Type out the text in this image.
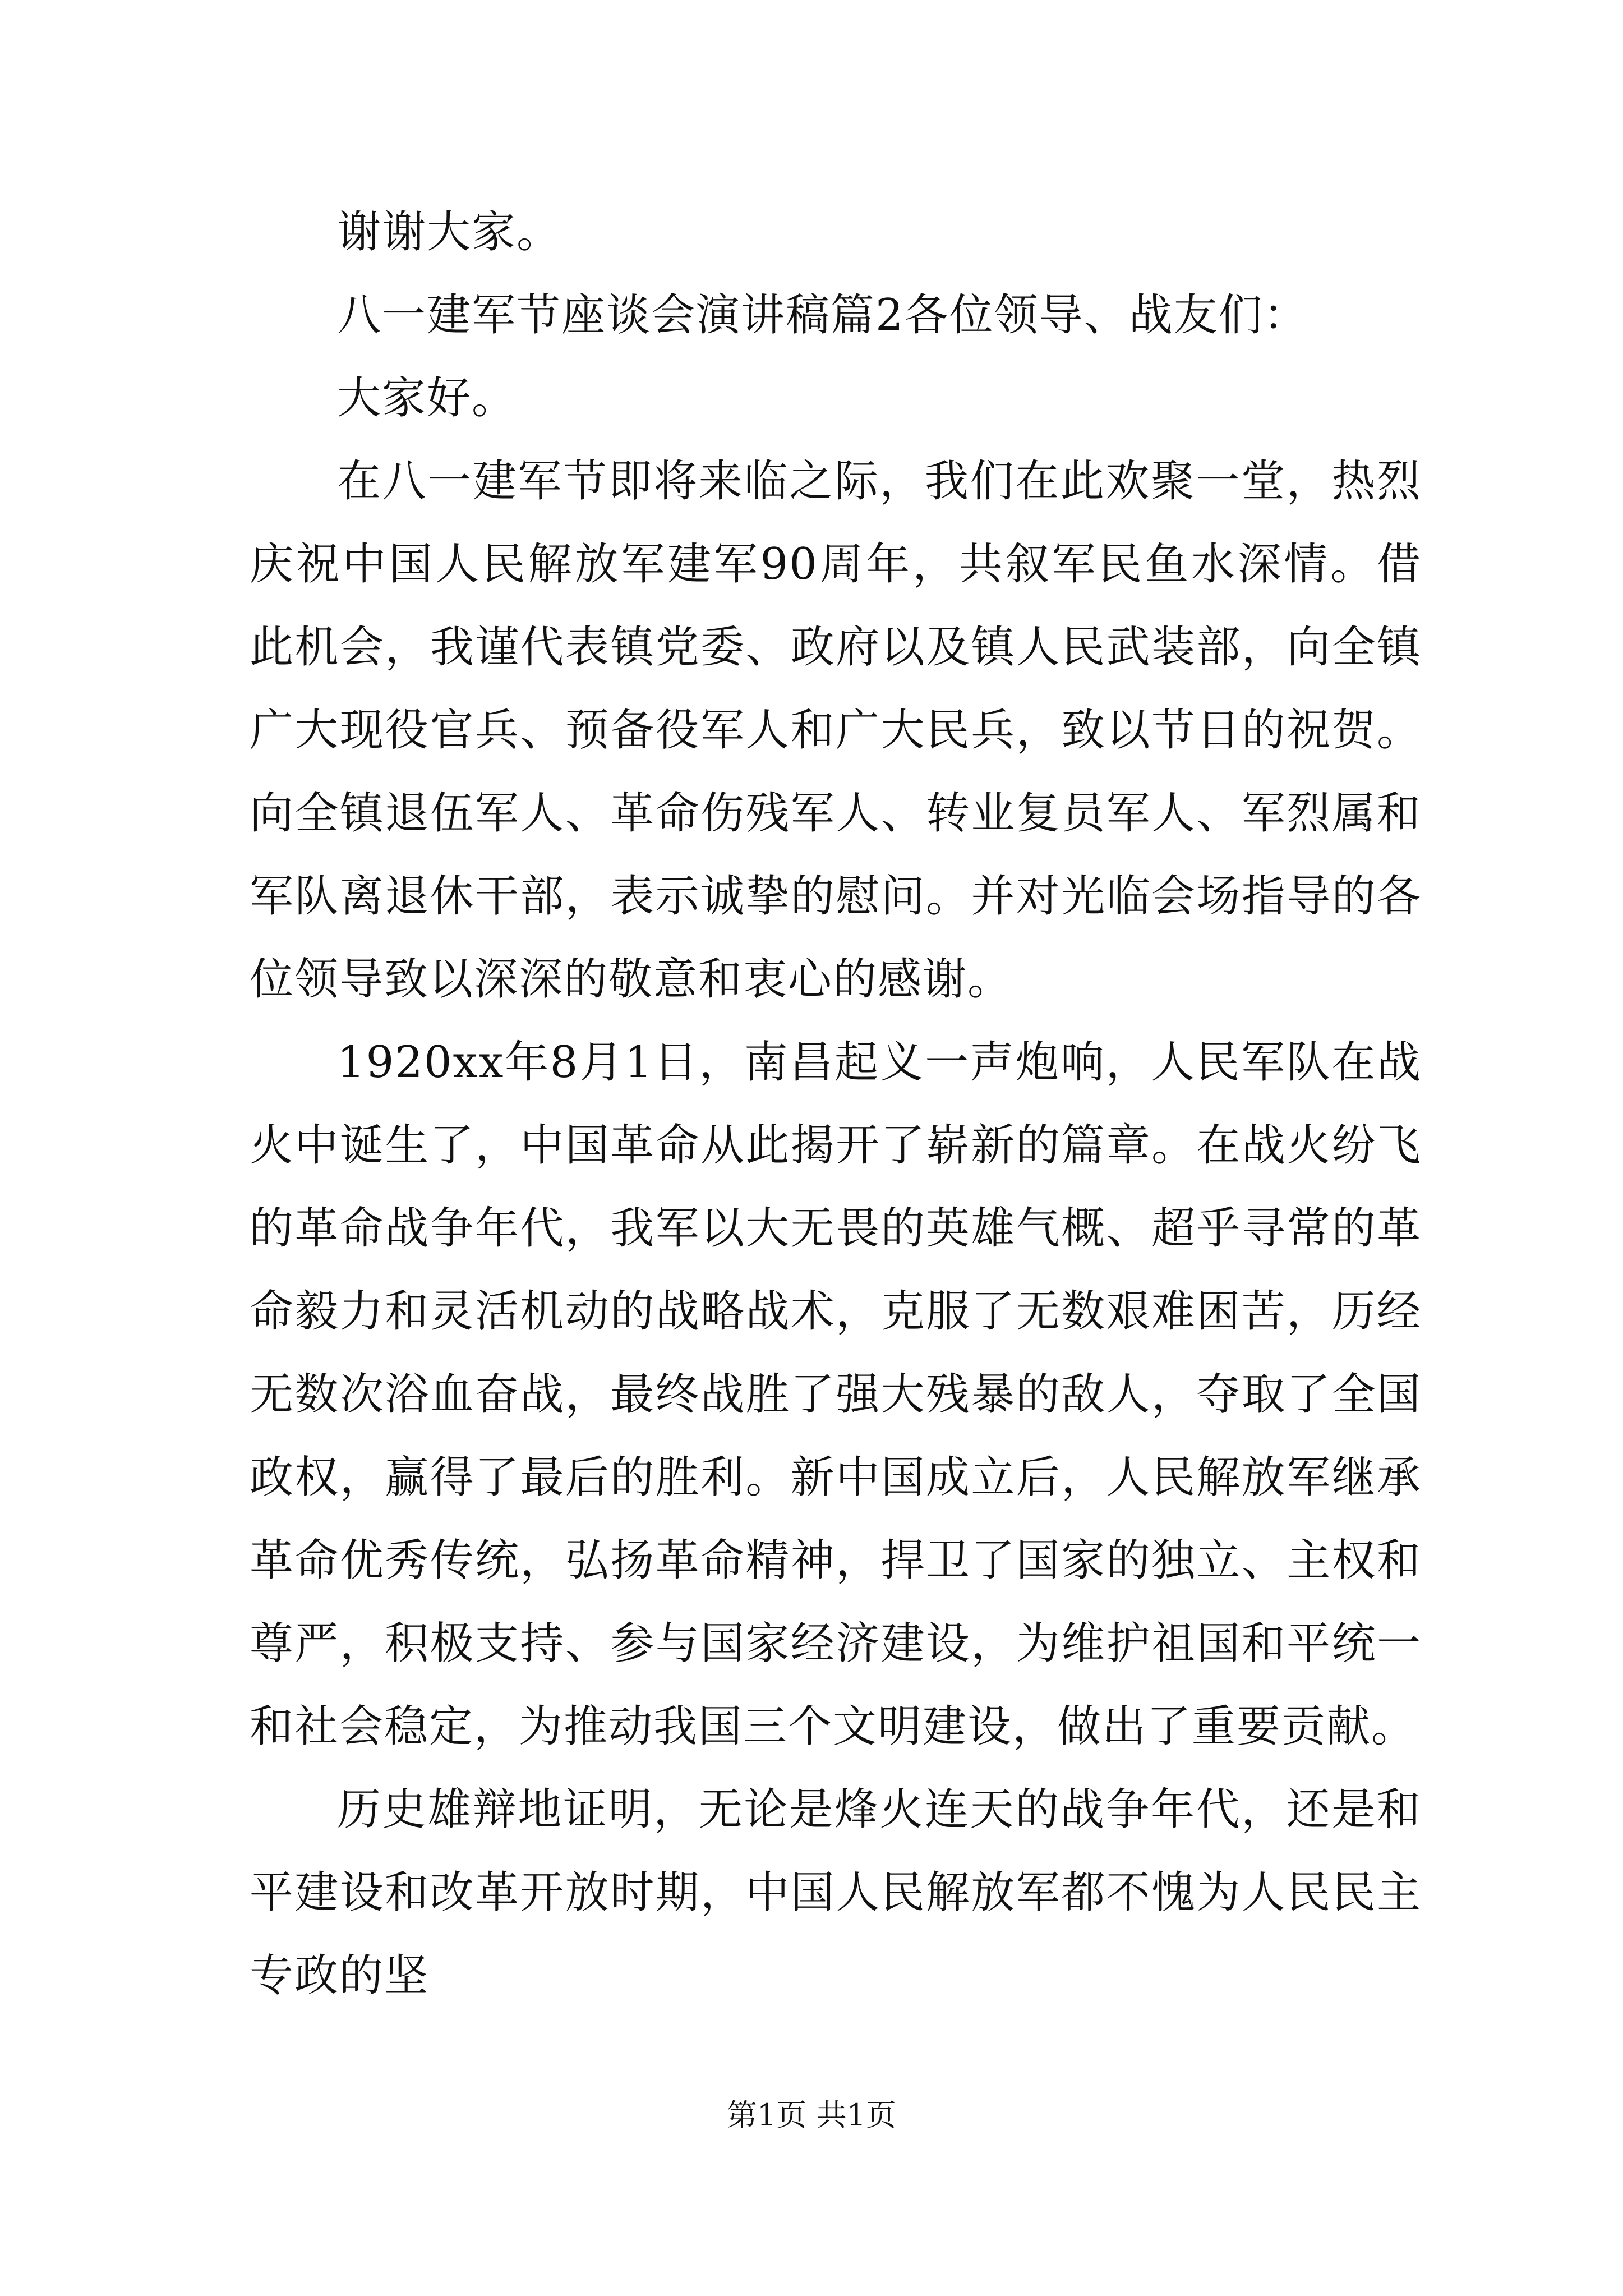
谢谢大家。

八一建军节座谈会演讲稿篇2各位领导、战友们：

大家好。

在八一建军节即将来临之际，我们在此欢聚一堂，热烈庆祝中国人民解放军建军90周年，共叙军民鱼水深情。借此机会，我谨代表镇党委、政府以及镇人民武装部，向全镇广大现役官兵、预备役军人和广大民兵，致以节日的祝贺。向全镇退伍军人、革命伤残军人、转业复员军人、军烈属和军队离退休干部，表示诚挚的慰问。并对光临会场指导的各位领导致以深深的敬意和衷心的感谢。

1920xx年8月1日，南昌起义一声炮响，人民军队在战火中诞生了，中国革命从此揭开了崭新的篇章。在战火纷飞的革命战争年代，我军以大无畏的英雄气概、超乎寻常的革命毅力和灵活机动的战略战术，克服了无数艰难困苦，历经无数次浴血奋战，最终战胜了强大残暴的敌人，夺取了全国政权，赢得了最后的胜利。新中国成立后，人民解放军继承革命优秀传统，弘扬革命精神，捍卫了国家的独立、主权和尊严，积极支持、参与国家经济建设，为维护祖国和平统一和社会稳定，为推动我国三个文明建设，做出了重要贡献。

历史雄辩地证明，无论是烽火连天的战争年代，还是和平建设和改革开放时期，中国人民解放军都不愧为人民民主专政的坚

第1页 共1页
